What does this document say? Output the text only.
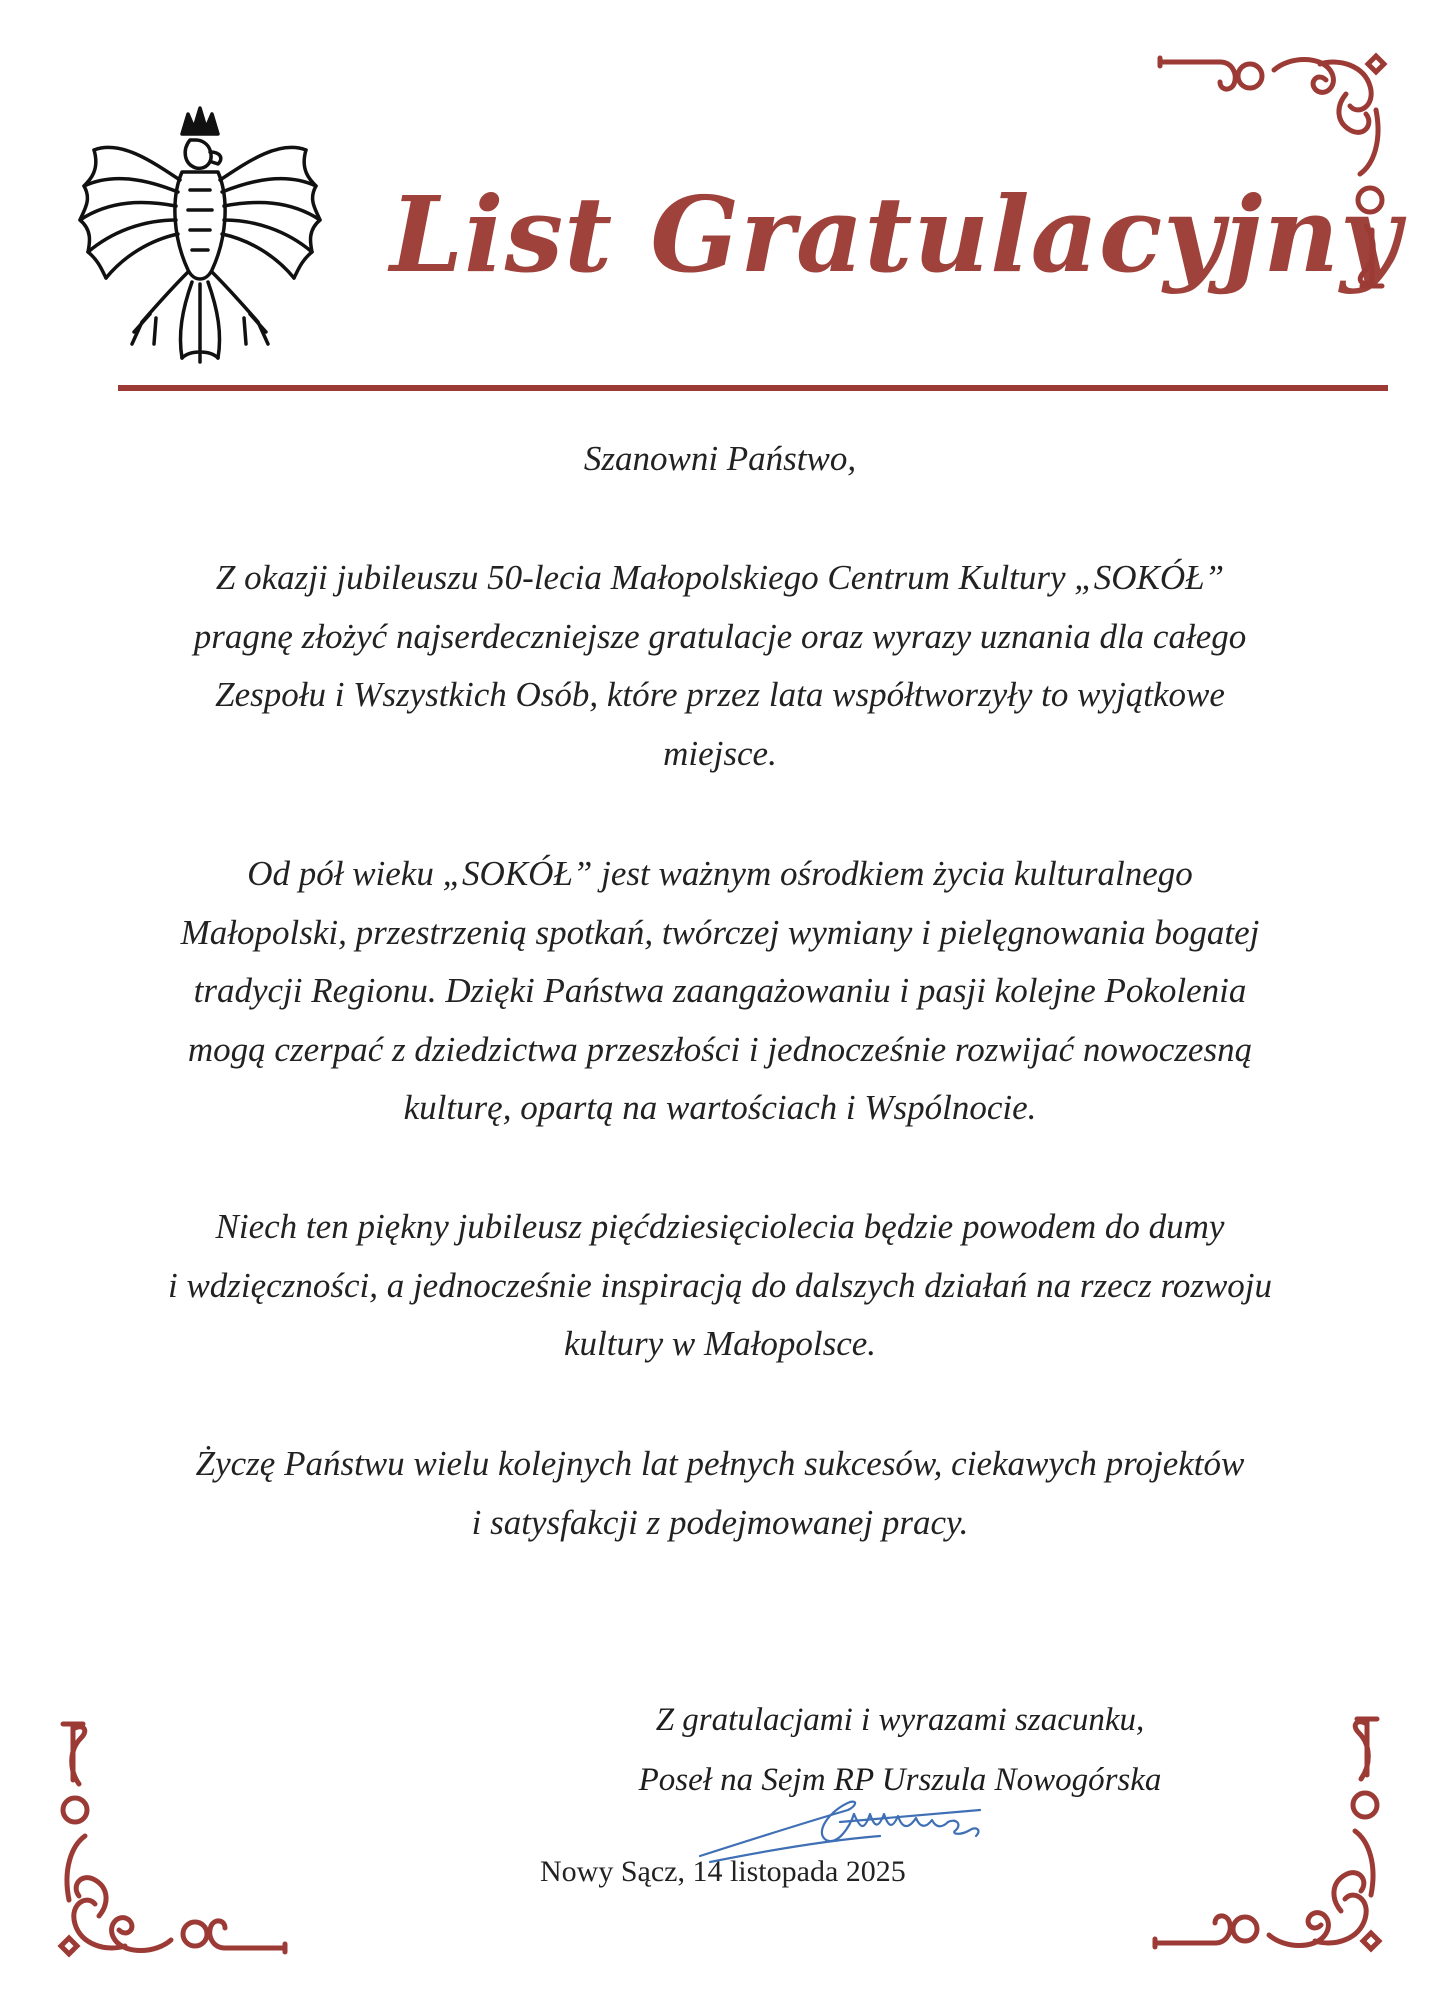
List Gratulacyjny
Szanowni Państwo,
Z okazji jubileuszu 50-lecia Małopolskiego Centrum Kultury „SOKÓŁ”
pragnę złożyć najserdeczniejsze gratulacje oraz wyrazy uznania dla całego
Zespołu i Wszystkich Osób, które przez lata współtworzyły to wyjątkowe
miejsce.
Od pół wieku „SOKÓŁ” jest ważnym ośrodkiem życia kulturalnego
Małopolski, przestrzenią spotkań, twórczej wymiany i pielęgnowania bogatej
tradycji Regionu. Dzięki Państwa zaangażowaniu i pasji kolejne Pokolenia
mogą czerpać z dziedzictwa przeszłości i jednocześnie rozwijać nowoczesną
kulturę, opartą na wartościach i Wspólnocie.
Niech ten piękny jubileusz pięćdziesięciolecia będzie powodem do dumy
i wdzięczności, a jednocześnie inspiracją do dalszych działań na rzecz rozwoju
kultury w Małopolsce.
Życzę Państwu wielu kolejnych lat pełnych sukcesów, ciekawych projektów
i satysfakcji z podejmowanej pracy.
Z gratulacjami i wyrazami szacunku,
Poseł na Sejm RP Urszula Nowogórska
Nowy Sącz, 14 listopada 2025
